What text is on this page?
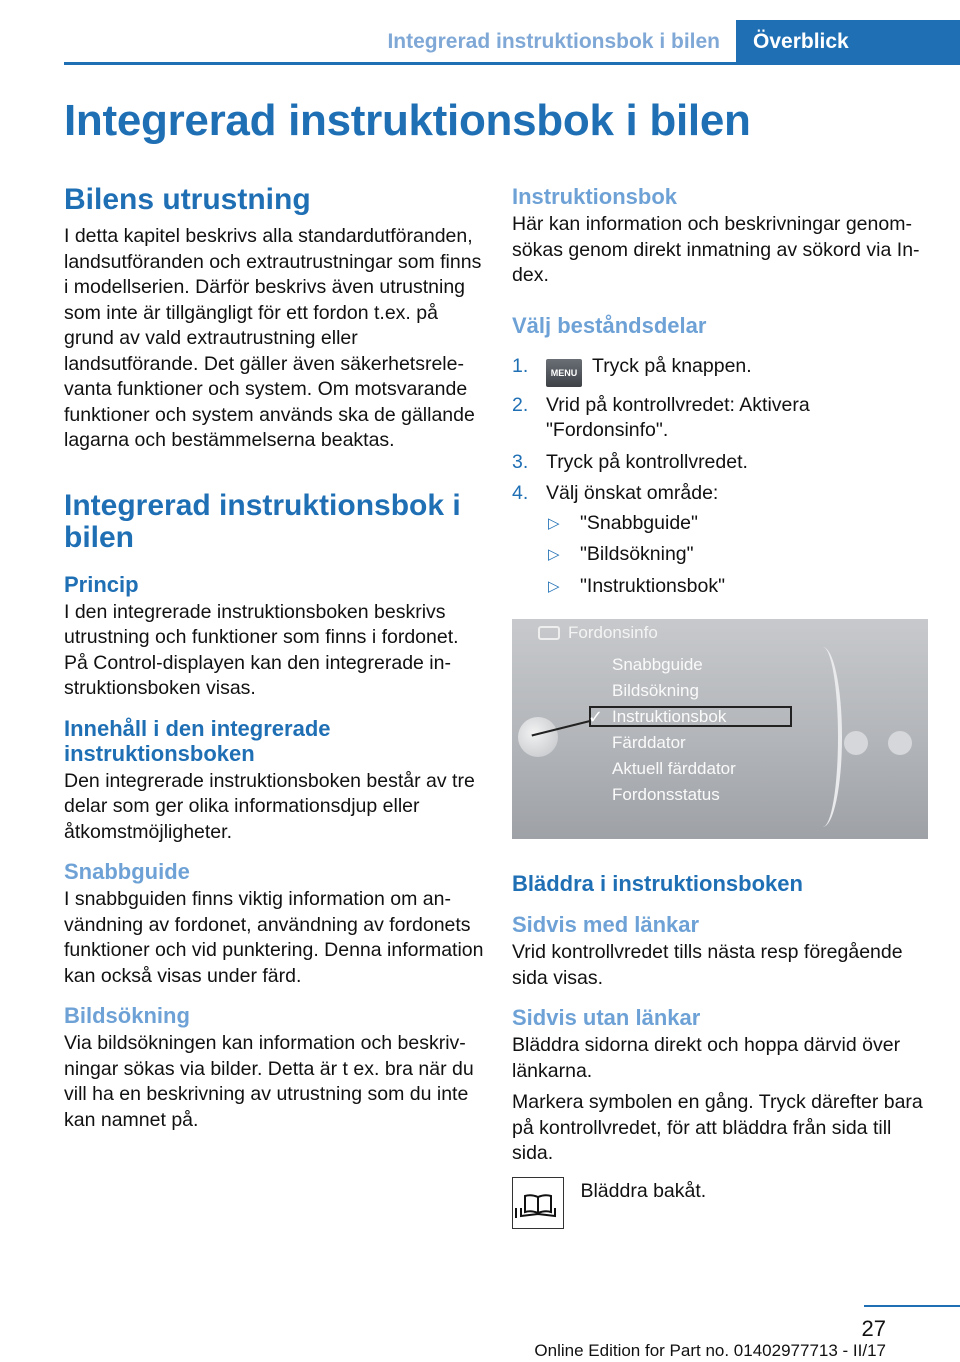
Integrerad instruktionsbok i bilen	Överblick
Integrerad instruktionsbok i bilen
Bilens utrustning

I detta kapitel beskrivs alla standardutföranden, landsutföranden och extrautrustningar som finns i modellserien. Därför beskrivs även utrustning som inte är tillgängligt för ett fordon t.ex. på grund av vald extrautrustning eller landsutförande. Det gäller även säkerhetsrelevanta funktioner och system. Om motsvarande funktioner och system används ska de gällande lagarna och bestämmelserna beaktas.

Integrerad instruktionsbok i bilen
Princip

I den integrerade instruktionsboken beskrivs utrustning och funktioner som finns i fordonet. På Control-displayen kan den integrerade instruktionsboken visas.

Innehåll i den integrerade instruktionsboken

Den integrerade instruktionsboken består av tre delar som ger olika informationsdjup eller åtkomstmöjligheter.

Snabbguide

I snabbguiden finns viktig information om användning av fordonet, användning av fordonets funktioner och vid punktering. Denna information kan också visas under färd.

Bildsökning

Via bildsökningen kan information och beskrivningar sökas via bilder. Detta är t ex. bra när du vill ha en beskrivning av utrustning som du inte kan namnet på.

Instruktionsbok

Här kan information och beskrivningar genomsökas genom direkt inmatning av sökord via Index.

Välj beståndsdelar
1. MENU Tryck på knappen.
2. Vrid på kontrollvredet: Aktivera "Fordonsinfo".
3. Tryck på kontrollvredet.
4. Välj önskat område:
▷ "Snabbguide"
▷ "Bildsökning"
▷ "Instruktionsbok"
Fordonsinfo
Snabbguide
Bildsökning
✓ Instruktionsbok
Färddator
Aktuell färddator
Fordonsstatus
Bläddra i instruktionsboken
Sidvis med länkar

Vrid kontrollvredet tills nästa resp föregående sida visas.

Sidvis utan länkar

Bläddra sidorna direkt och hoppa därvid över länkarna.

Markera symbolen en gång. Tryck därefter bara på kontrollvredet, för att bläddra från sida till sida.

Bläddra bakåt.
27
Online Edition for Part no. 01402977713 - II/17
